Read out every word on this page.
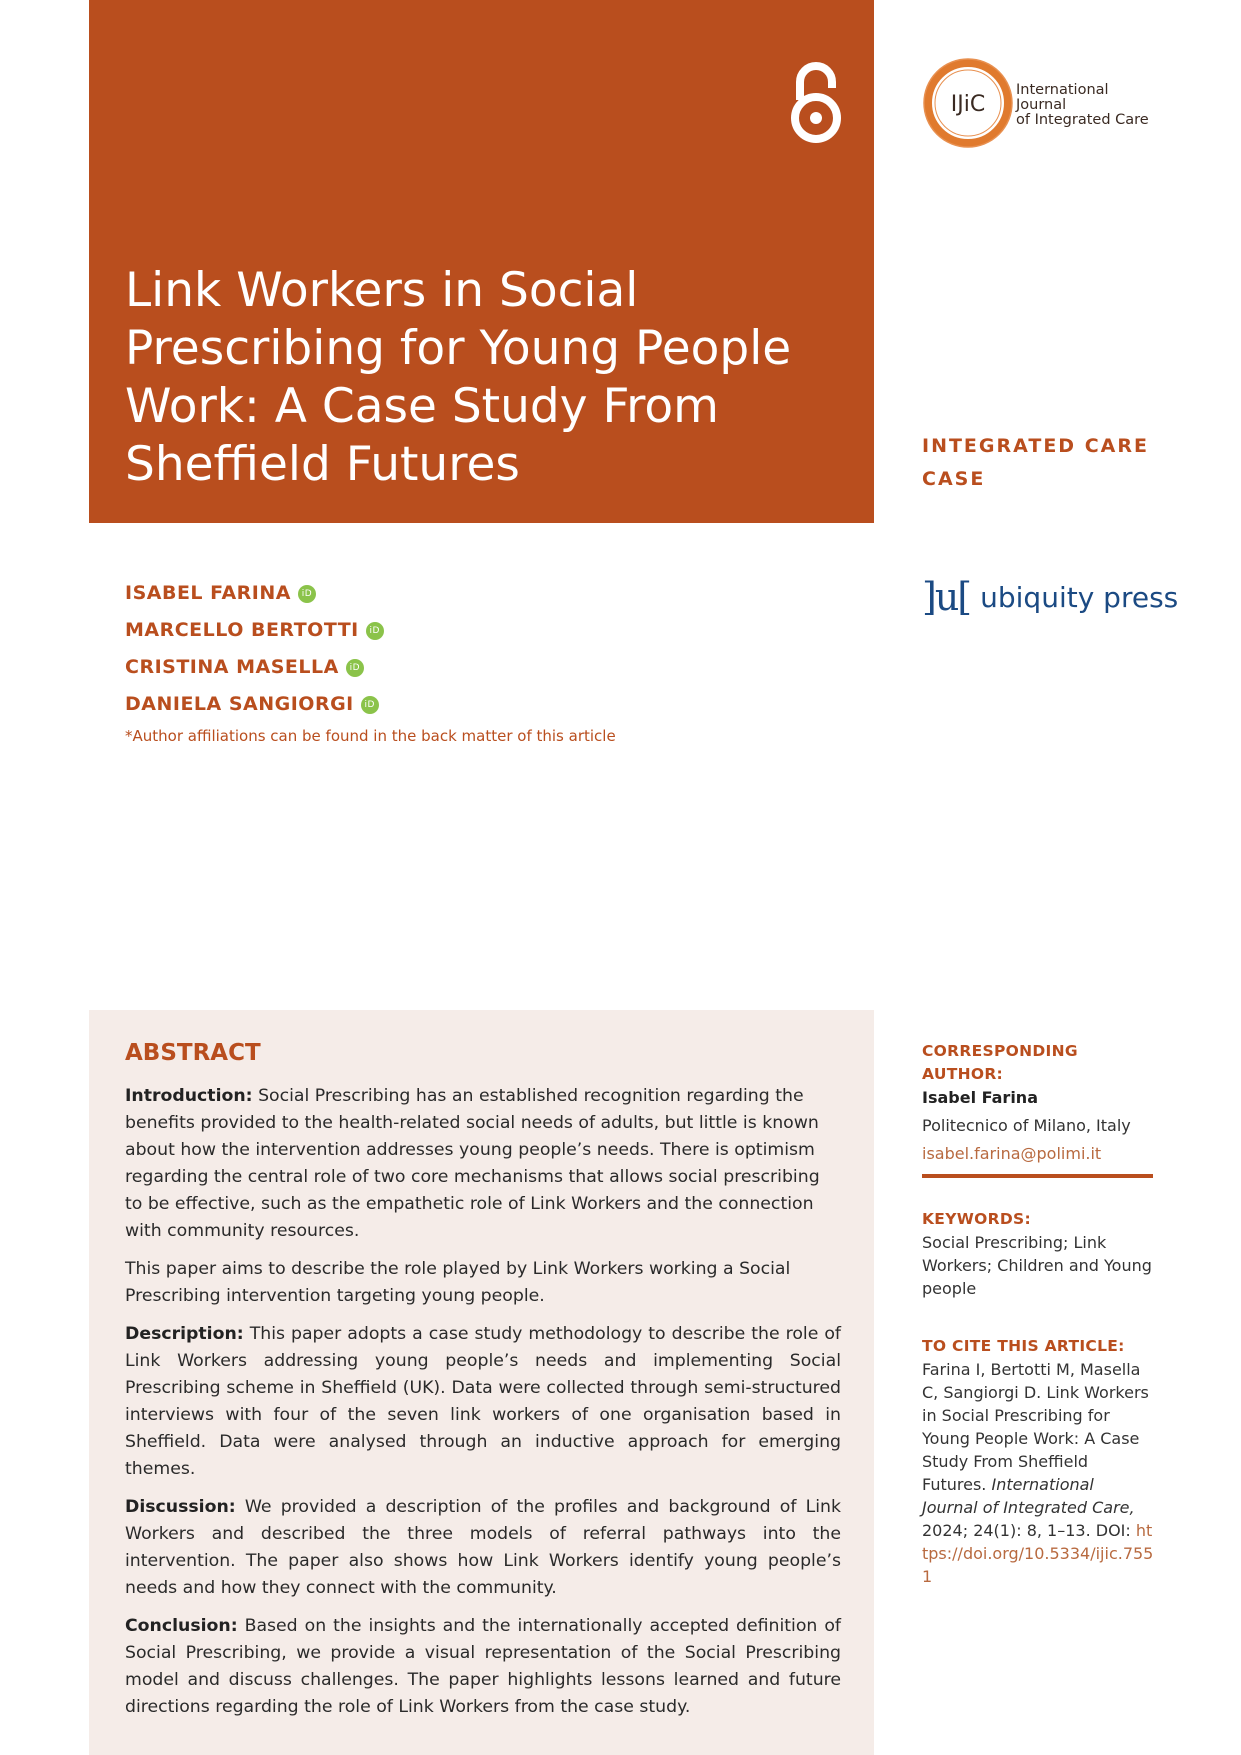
Link Workers in Social Prescribing for Young People Work: A Case Study From Sheffield Futures
IJiC
International Journal
of Integrated Care
INTEGRATED CARE
CASE
]u[ ubiquity press
ISABEL FARINA	iD
MARCELLO BERTOTTI	iD
CRISTINA MASELLA	iD
DANIELA SANGIORGI	iD
*Author affiliations can be found in the back matter of this article
ABSTRACT

Introduction: Social Prescribing has an established recognition regarding the benefits provided to the health-related social needs of adults, but little is known about how the intervention addresses young people’s needs. There is optimism regarding the central role of two core mechanisms that allows social prescribing to be effective, such as the empathetic role of Link Workers and the connection with community resources.

This paper aims to describe the role played by Link Workers working a Social Prescribing intervention targeting young people.

Description: This paper adopts a case study methodology to describe the role of Link Workers addressing young people’s needs and implementing Social Prescribing scheme in Sheffield (UK). Data were collected through semi-structured interviews with four of the seven link workers of one organisation based in Sheffield. Data were analysed through an inductive approach for emerging themes.

Discussion: We provided a description of the profiles and background of Link Workers and described the three models of referral pathways into the intervention. The paper also shows how Link Workers identify young people’s needs and how they connect with the community.

Conclusion: Based on the insights and the internationally accepted definition of Social Prescribing, we provide a visual representation of the Social Prescribing model and discuss challenges. The paper highlights lessons learned and future directions regarding the role of Link Workers from the case study.

CORRESPONDING AUTHOR:
Isabel Farina
Politecnico of Milano, Italy
isabel.farina@polimi.it
KEYWORDS:
Social Prescribing; Link Workers; Children and Young people
TO CITE THIS ARTICLE:
Farina I, Bertotti M, Masella C, Sangiorgi D. Link Workers in Social Prescribing for Young People Work: A Case Study From Sheffield Futures. International Journal of Integrated Care, 2024; 24(1): 8, 1–13. DOI: https://doi.org/10.5334/ijic.7551
